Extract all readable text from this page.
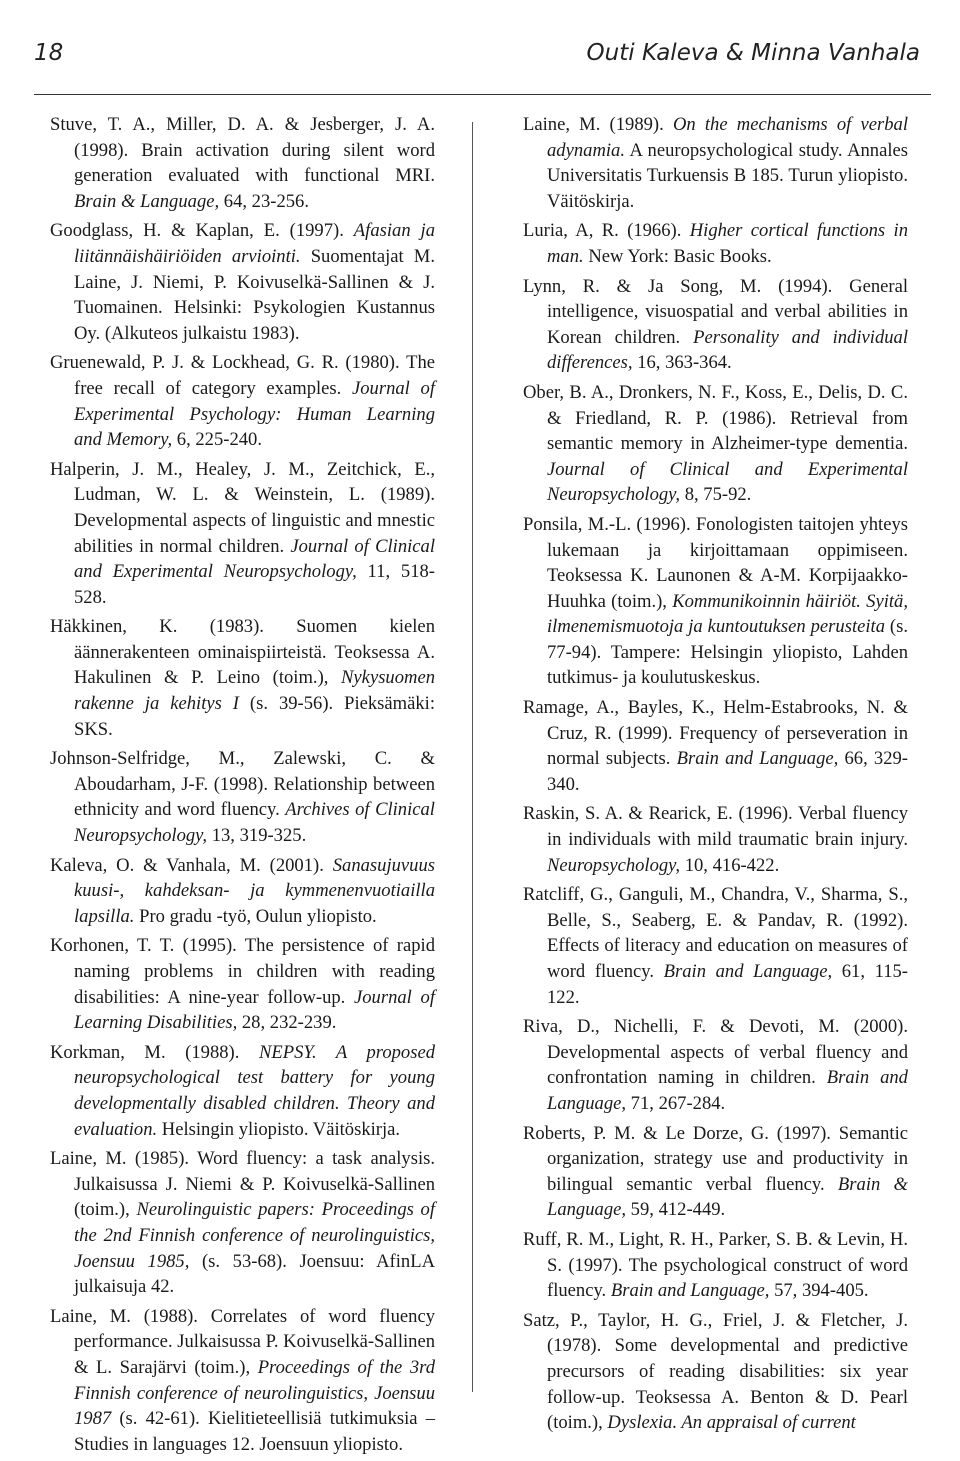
18	Outi Kaleva & Minna Vanhala

Stuve, T. A., Miller, D. A. & Jesberger, J. A. (1998). Brain activation during silent word generation evaluated with functional MRI. Brain & Language, 64, 23-256.

Goodglass, H. & Kaplan, E. (1997). Afasian ja liitännäishäiriöiden arviointi. Suomentajat M. Laine, J. Niemi, P. Koivuselkä-Sallinen & J. Tuomainen. Helsinki: Psykologien Kustannus Oy. (Alkuteos julkaistu 1983).

Gruenewald, P. J. & Lockhead, G. R. (1980). The free recall of category examples. Journal of Experimental Psychology: Human Learning and Memory, 6, 225-240.

Halperin, J. M., Healey, J. M., Zeitchick, E., Ludman, W. L. & Weinstein, L. (1989). Developmental aspects of linguistic and mnestic abilities in normal children. Journal of Clinical and Experimental Neuropsychology, 11, 518-528.

Häkkinen, K. (1983). Suomen kielen äännerakenteen ominaispiirteistä. Teoksessa A. Hakulinen & P. Leino (toim.), Nykysuomen rakenne ja kehitys I (s. 39-56). Pieksämäki: SKS.

Johnson-Selfridge, M., Zalewski, C. & Aboudarham, J-F. (1998). Relationship between ethnicity and word fluency. Archives of Clinical Neuropsychology, 13, 319-325.

Kaleva, O. & Vanhala, M. (2001). Sanasujuvuus kuusi-, kahdeksan- ja kymmenenvuotiailla lapsilla. Pro gradu -työ, Oulun yliopisto.

Korhonen, T. T. (1995). The persistence of rapid naming problems in children with reading disabilities: A nine-year follow-up. Journal of Learning Disabilities, 28, 232-239.

Korkman, M. (1988). NEPSY. A proposed neuropsychological test battery for young developmentally disabled children. Theory and evaluation. Helsingin yliopisto. Väitöskirja.

Laine, M. (1985). Word fluency: a task analysis. Julkaisussa J. Niemi & P. Koivuselkä-Sallinen (toim.), Neurolinguistic papers: Proceedings of the 2nd Finnish conference of neurolinguistics, Joensuu 1985, (s. 53-68). Joensuu: AfinLA julkaisuja 42.

Laine, M. (1988). Correlates of word fluency performance. Julkaisussa P. Koivuselkä-Sallinen & L. Sarajärvi (toim.), Proceedings of the 3rd Finnish conference of neurolinguistics, Joensuu 1987 (s. 42-61). Kielitieteellisiä tutkimuksia – Studies in languages 12. Joensuun yliopisto.

Laine, M. (1989). On the mechanisms of verbal adynamia. A neuropsychological study. Annales Universitatis Turkuensis B 185. Turun yliopisto. Väitöskirja.

Luria, A, R. (1966). Higher cortical functions in man. New York: Basic Books.

Lynn, R. & Ja Song, M. (1994). General intelligence, visuospatial and verbal abilities in Korean children. Personality and individual differences, 16, 363-364.

Ober, B. A., Dronkers, N. F., Koss, E., Delis, D. C. & Friedland, R. P. (1986). Retrieval from semantic memory in Alzheimer-type dementia. Journal of Clinical and Experimental Neuropsychology, 8, 75-92.

Ponsila, M.-L. (1996). Fonologisten taitojen yhteys lukemaan ja kirjoittamaan oppimiseen. Teoksessa K. Launonen & A-M. Korpijaakko-Huuhka (toim.), Kommunikoinnin häiriöt. Syitä, ilmenemismuotoja ja kuntoutuksen perusteita (s. 77-94). Tampere: Helsingin yliopisto, Lahden tutkimus- ja koulutuskeskus.

Ramage, A., Bayles, K., Helm-Estabrooks, N. & Cruz, R. (1999). Frequency of perseveration in normal subjects. Brain and Language, 66, 329-340.

Raskin, S. A. & Rearick, E. (1996). Verbal fluency in individuals with mild traumatic brain injury. Neuropsychology, 10, 416-422.

Ratcliff, G., Ganguli, M., Chandra, V., Sharma, S., Belle, S., Seaberg, E. & Pandav, R. (1992). Effects of literacy and education on measures of word fluency. Brain and Language, 61, 115-122.

Riva, D., Nichelli, F. & Devoti, M. (2000). Developmental aspects of verbal fluency and confrontation naming in children. Brain and Language, 71, 267-284.

Roberts, P. M. & Le Dorze, G. (1997). Semantic organization, strategy use and productivity in bilingual semantic verbal fluency. Brain & Language, 59, 412-449.

Ruff, R. M., Light, R. H., Parker, S. B. & Levin, H. S. (1997). The psychological construct of word fluency. Brain and Language, 57, 394-405.

Satz, P., Taylor, H. G., Friel, J. & Fletcher, J. (1978). Some developmental and predictive precursors of reading disabilities: six year follow-up. Teoksessa A. Benton & D. Pearl (toim.), Dyslexia. An appraisal of current
